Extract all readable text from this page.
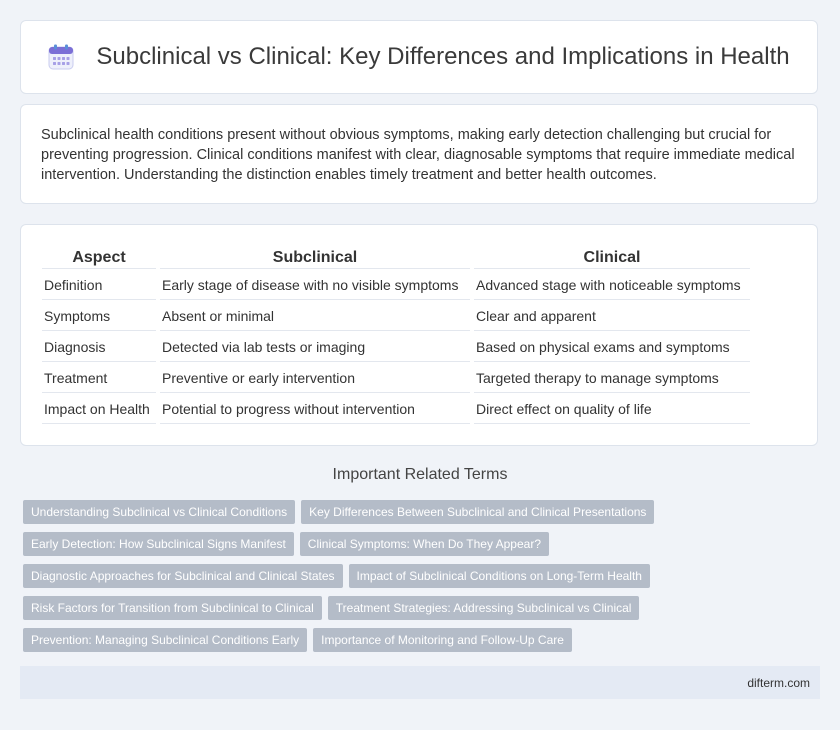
Subclinical vs Clinical: Key Differences and Implications in Health

Subclinical health conditions present without obvious symptoms, making early detection challenging but crucial for preventing progression. Clinical conditions manifest with clear, diagnosable symptoms that require immediate medical intervention. Understanding the distinction enables timely treatment and better health outcomes.

Aspect	Subclinical	Clinical
Definition	Early stage of disease with no visible symptoms	Advanced stage with noticeable symptoms
Symptoms	Absent or minimal	Clear and apparent
Diagnosis	Detected via lab tests or imaging	Based on physical exams and symptoms
Treatment	Preventive or early intervention	Targeted therapy to manage symptoms
Impact on Health	Potential to progress without intervention	Direct effect on quality of life
Important Related Terms
Understanding Subclinical vs Clinical Conditions	Key Differences Between Subclinical and Clinical Presentations
Early Detection: How Subclinical Signs Manifest	Clinical Symptoms: When Do They Appear?
Diagnostic Approaches for Subclinical and Clinical States	Impact of Subclinical Conditions on Long-Term Health
Risk Factors for Transition from Subclinical to Clinical	Treatment Strategies: Addressing Subclinical vs Clinical
Prevention: Managing Subclinical Conditions Early	Importance of Monitoring and Follow-Up Care
difterm.com
